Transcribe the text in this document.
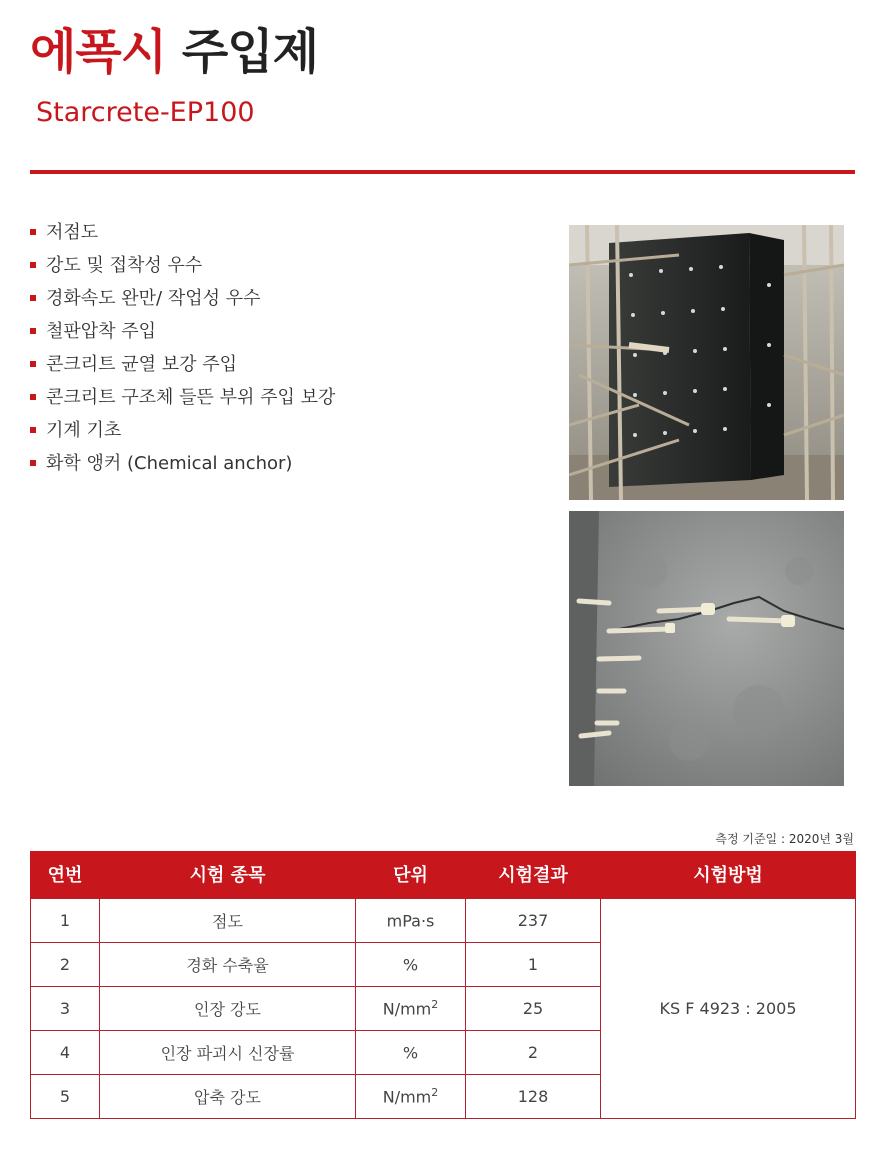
에폭시 주입제
Starcrete-EP100
저점도
강도 및 접착성 우수
경화속도 완만/ 작업성 우수
철판압착 주입
콘크리트 균열 보강 주입
콘크리트 구조체 들뜬 부위 주입 보강
기계 기초
화학 앵커 (Chemical anchor)
측정 기준일 : 2020년 3월
연번	시험 종목	단위	시험결과	시험방법
1	점도	mPa·s	237	KS F 4923 : 2005
2	경화 수축율	%	1	
3	인장 강도	$N/mm^2$	25	
4	인장 파괴시 신장률	%	2	
5	압축 강도	$N/mm^2$	128	
